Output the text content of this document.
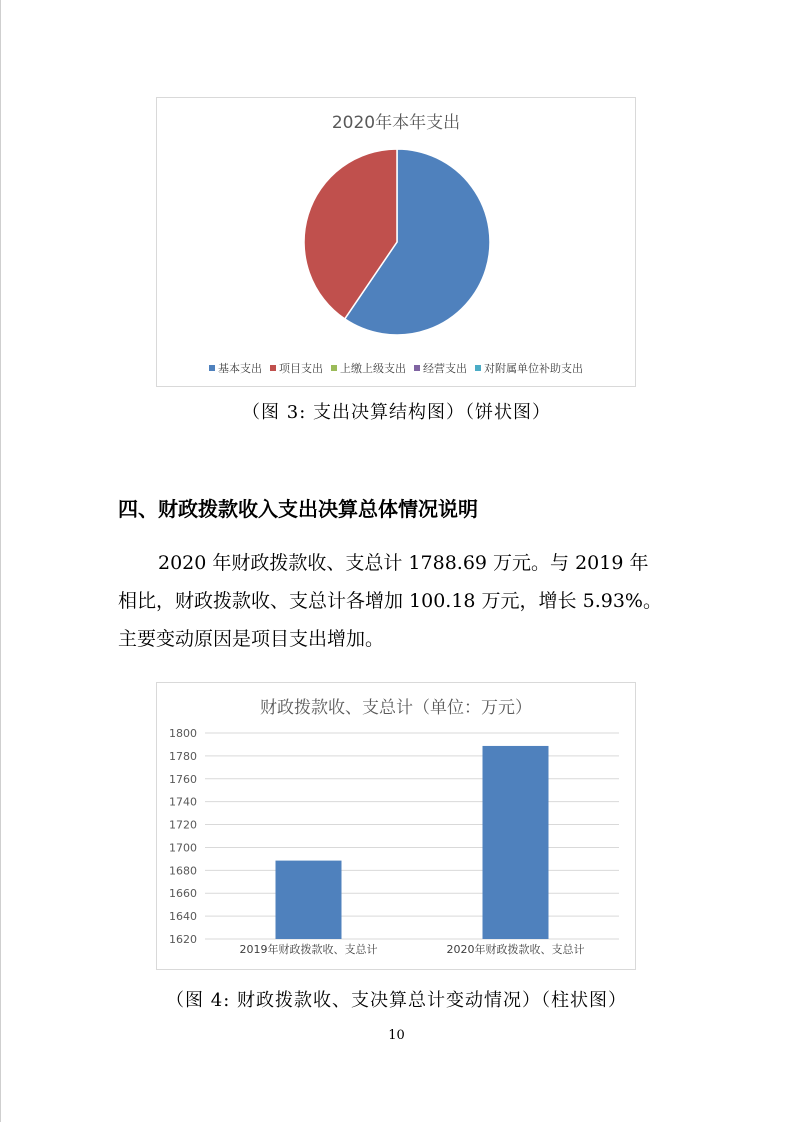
2020年本年支出
基本支出 项目支出 上缴上级支出 经营支出 对附属单位补助支出
（图 3: 支出决算结构图）（饼状图）
四、财政拨款收入支出决算总体情况说明
2020 年财政拨款收、支总计 1788.69 万元。与 2019 年
相比，财政拨款收、支总计各增加 100.18 万元，增长 5.93%。
主要变动原因是项目支出增加。
财政拨款收、支总计（单位：万元）
1620
1640
1660
1680
1700
1720
1740
1760
1780
1800
2019年财政拨款收、支总计	2020年财政拨款收、支总计
（图 4: 财政拨款收、支决算总计变动情况）（柱状图）
10
